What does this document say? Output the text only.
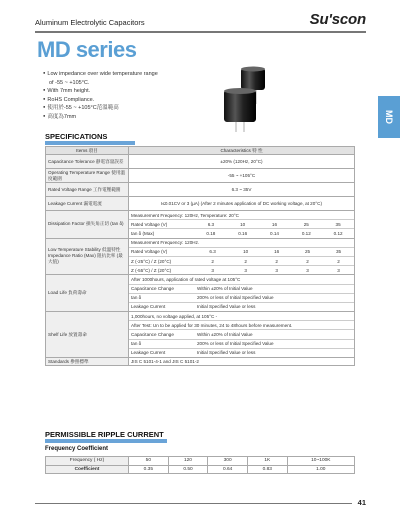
Aluminum Electrolytic Capacitors	Su'scon
MD series
● Low impedance over wide temperature range
of -55 ~ +105°C.
● With 7mm height.
● RoHS Compliance.
● 使用於-55 ~ +105°C范溫範高
● 高度為7mm	MD
SPECIFICATIONS
Items 項目	Characteristics 特 性
Capacitance Tolerance 靜電容量誤差	±20% (120Hz, 20°C)
Operating Temperature Range 使用溫度範圍	-55 ~ +105°C
Rated Voltage Range 工作電壓範圍	6.3 ~ 35V
Leakage Current 漏電電流	I≤0.01CV or 3 (µA) (After 2 minutes application of DC working voltage, at 20°C)
Dissipation Factor 損失角正切 (tan δ)	
Measurement Frequency: 120Hz, Temperature: 20°C
Rated Voltage (V)	6.3	10	16	25	35
tan δ (Max)	0.18	0.16	0.14	0.12	0.12

Low Temperature Stability 低溫特性 Impedance Ratio (Max) 阻抗比率 (最大值)	
Measurement Frequency: 120Hz.
Rated Voltage (V)	6.3	10	16	25	35
Z (-25°C) / Z (20°C)	2	2	2	2	2
Z (-55°C) / Z (20°C)	3	3	3	3	3

Load Life 負荷壽命	
After 1000hours, application of rated voltage at 105°C
Capacitance Change	Within ±20% of Initial Value
tan δ	200% or less of Initial Specified Value
Leakage Current	Initial Specified Value or less

Shelf Life 放置壽命	
1,000hours, no voltage applied, at 105°C -
After Test: Un to be applied for 30 minutes, 24 to 48hours before measurement.
Capacitance Change	Within ±20% of Initial Value
tan δ	200% or less of Initial Specified Value
Leakage Current	Initial Specified Value or less

Standards 參照標準	JIS C 5101-4-1 and JIS C 5101-2
PERMISSIBLE RIPPLE CURRENT
Frequency Coefficient
Frequency ( Hz)	50	120	300	1K	10~100K
Coefficient	0.35	0.50	0.64	0.83	1.00
41
